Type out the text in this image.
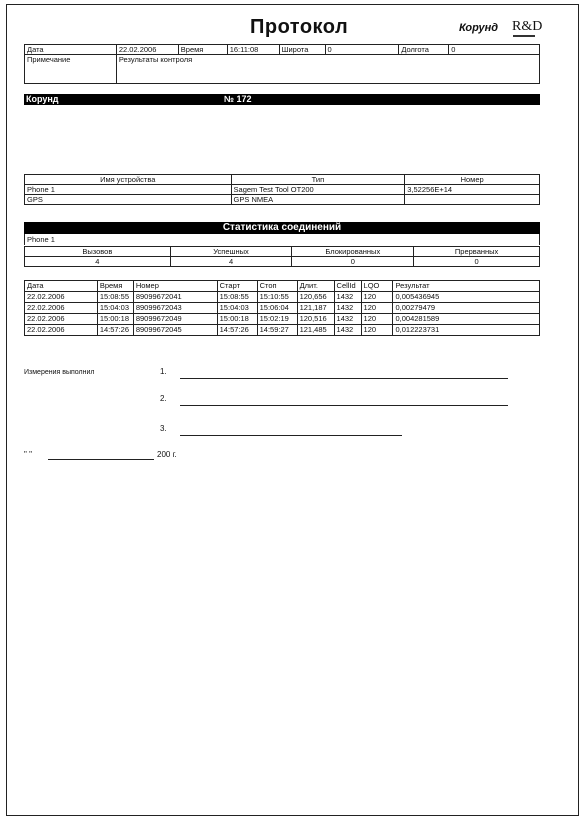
Протокол	Корунд R&D
Дата	22.02.2006	Время	16:11:08	Широта	0	Долгота	0
Примечание	Результаты контроля						
Корунд	№ 172
Имя устройства	Тип	Номер
Phone 1	Sagem Test Tool OT200	3,52256E+14
GPS	GPS NMEA	
Статистика соединений
Phone 1
Вызовов	Успешных	Блокированных	Прерванных
4	4	0	0
Дата	Время	Номер	Старт	Стоп	Длит.	CellId	LQO	Результат
22.02.2006	15:08:55	89099672041	15:08:55	15:10:55	120,656	1432	120	0,005436945
22.02.2006	15:04:03	89099672043	15:04:03	15:06:04	121,187	1432	120	0,00279479
22.02.2006	15:00:18	89099672049	15:00:18	15:02:19	120,516	1432	120	0,004281589
22.02.2006	14:57:26	89099672045	14:57:26	14:59:27	121,485	1432	120	0,012223731
Измерения выполнил	1.
2.
3.
" "	200 г.
